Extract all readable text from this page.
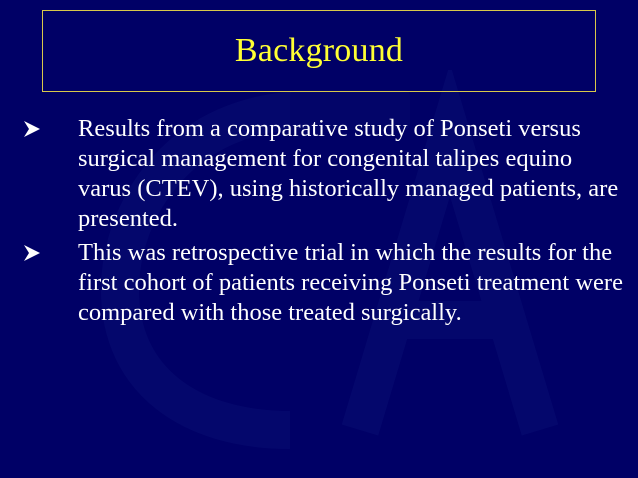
Background
Results from a comparative study of Ponseti versus surgical management for congenital talipes equino varus (CTEV), using historically managed patients, are presented.
This was retrospective trial in which the results for the first cohort of patients receiving Ponseti treatment were compared with those treated surgically.
